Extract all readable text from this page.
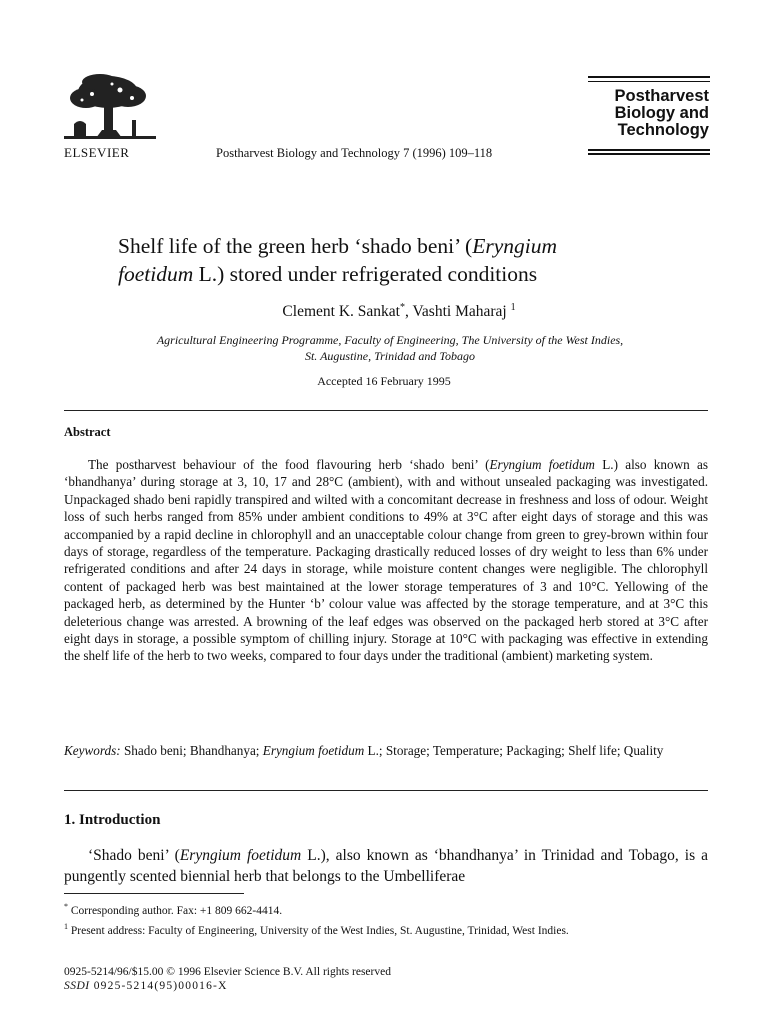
ELSEVIER	Postharvest Biology and Technology 7 (1996) 109–118
Postharvest
Biology and
Technology
Shelf life of the green herb ‘shado beni’ (Eryngium
foetidum L.) stored under refrigerated conditions
Clement K. Sankat*, Vashti Maharaj $^1$
Agricultural Engineering Programme, Faculty of Engineering, The University of the West Indies,
St. Augustine, Trinidad and Tobago
Accepted 16 February 1995
Abstract

The postharvest behaviour of the food flavouring herb ‘shado beni’ (Eryngium foetidum L.) also known as ‘bhandhanya’ during storage at 3, 10, 17 and 28°C (ambient), with and without unsealed packaging was investigated. Unpackaged shado beni rapidly transpired and wilted with a concomitant decrease in freshness and loss of odour. Weight loss of such herbs ranged from 85% under ambient conditions to 49% at 3°C after eight days of storage and this was accompanied by a rapid decline in chlorophyll and an unacceptable colour change from green to grey-brown within four days of storage, regardless of the temperature. Packaging drastically reduced losses of dry weight to less than 6% under refrigerated conditions and after 24 days in storage, while moisture content changes were negligible. The chlorophyll content of packaged herb was best maintained at the lower storage temperatures of 3 and 10°C. Yellowing of the packaged herb, as determined by the Hunter ‘b’ colour value was affected by the storage temperature, and at 3°C this deleterious change was arrested. A browning of the leaf edges was observed on the packaged herb stored at 3°C after eight days in storage, a possible symptom of chilling injury. Storage at 10°C with packaging was effective in extending the shelf life of the herb to two weeks, compared to four days under the traditional (ambient) marketing system.

Keywords: Shado beni; Bhandhanya; Eryngium foetidum L.; Storage; Temperature; Packaging; Shelf life; Quality

1. Introduction

‘Shado beni’ (Eryngium foetidum L.), also known as ‘bhandhanya’ in Trinidad and Tobago, is a pungently scented biennial herb that belongs to the Umbelliferae

* Corresponding author. Fax: +1 809 662-4414.

$^1$ Present address: Faculty of Engineering, University of the West Indies, St. Augustine, Trinidad, West Indies.

0925-5214/96/$15.00 © 1996 Elsevier Science B.V. All rights reserved
SSDI 0925-5214(95)00016-X
